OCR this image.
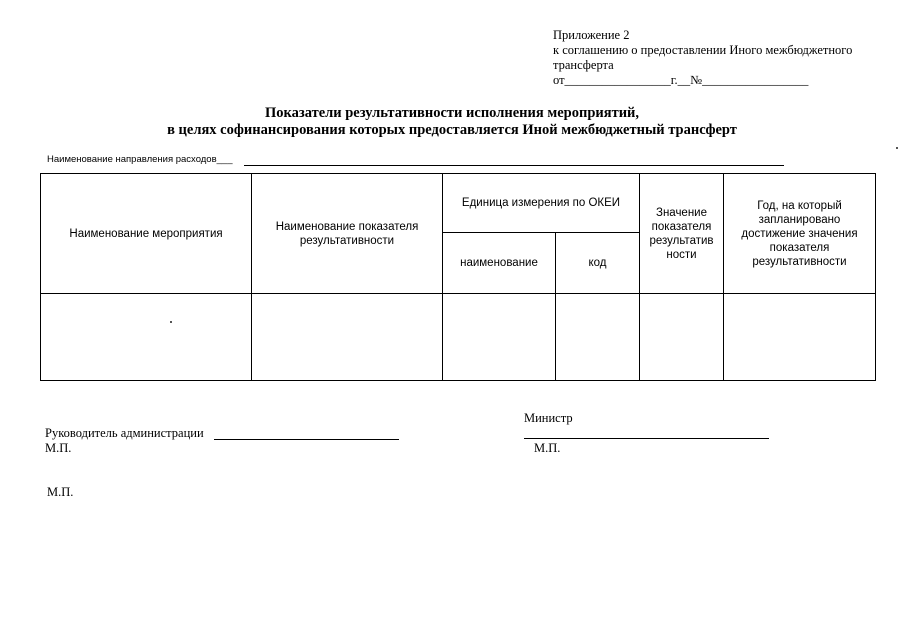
Приложение 2
к соглашению о предоставлении Иного межбюджетного
трансферта
от_________________г.__№_________________
Показатели результативности исполнения мероприятий,
в целях софинансирования которых предоставляется Иной межбюджетный трансферт
Наименование направления расходов___
Наименование мероприятия	Наименование показателя результативности	Единица измерения по ОКЕИ		Значение показателя результатив ности	Год, на который запланировано достижение значения показателя результативности
		наименование	код		

Руководитель администрации
М.П.
Министр
М.П.
М.П.
